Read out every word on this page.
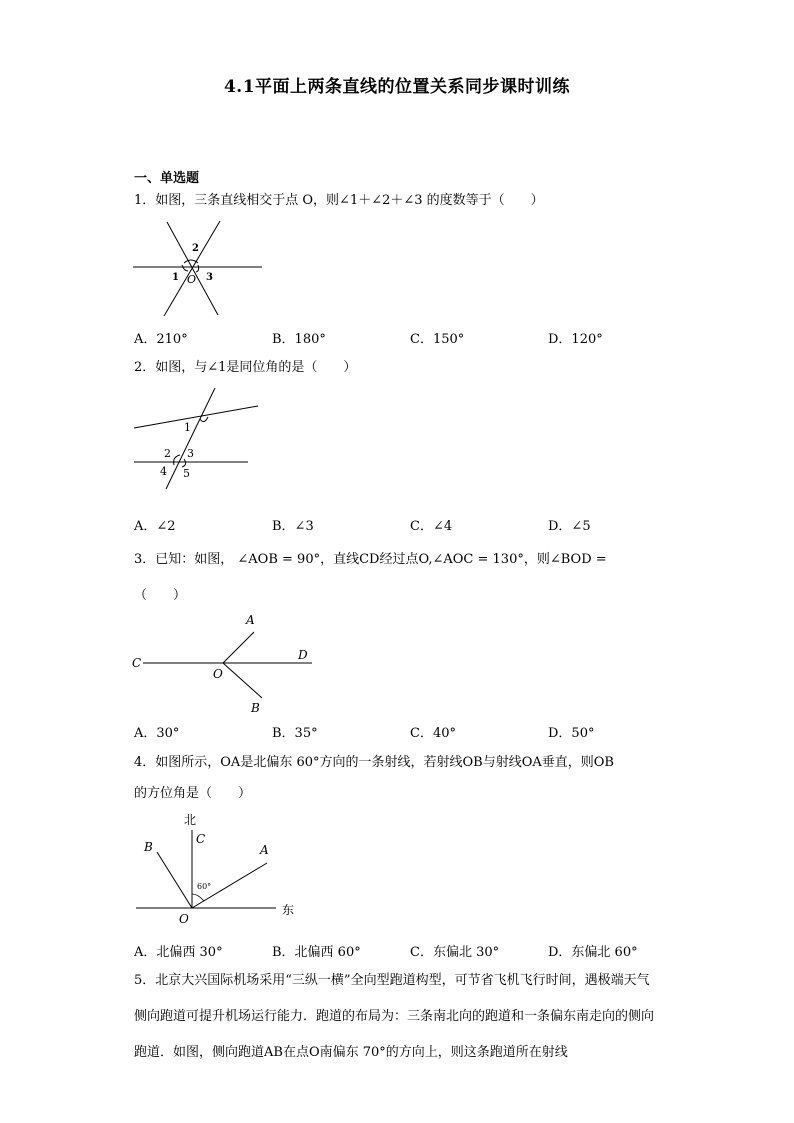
4.1平面上两条直线的位置关系同步课时训练
一、单选题
1．如图，三条直线相交于点 O，则∠1＋∠2＋∠3 的度数等于（　　）
2
1	3
O
A．210°	B．180°	C．150°	D．120°
2．如图，与∠1是同位角的是（　　）
1
2 3
4 5
A．∠2	B．∠3	C．∠4	D．∠5
3．已知：如图， ∠AOB = 90°，直线CD经过点O,∠AOC = 130°，则∠BOD =
（　　）
C
D
A
B
O
A．30°	B．35°	C．40°	D．50°
4．如图所示，OA是北偏东 60°方向的一条射线，若射线OB与射线OA垂直，则OB
的方位角是（　　）
北
C
B	A
60°
O
东
A．北偏西 30°	B．北偏西 60°	C．东偏北 30°	D．东偏北 60°
5．北京大兴国际机场采用“三纵一横”全向型跑道构型，可节省飞机飞行时间，遇极端天气侧向跑道可提升机场运行能力．跑道的布局为：三条南北向的跑道和一条偏东南走向的侧向跑道．如图，侧向跑道AB在点O南偏东 70°的方向上，则这条跑道所在射线
